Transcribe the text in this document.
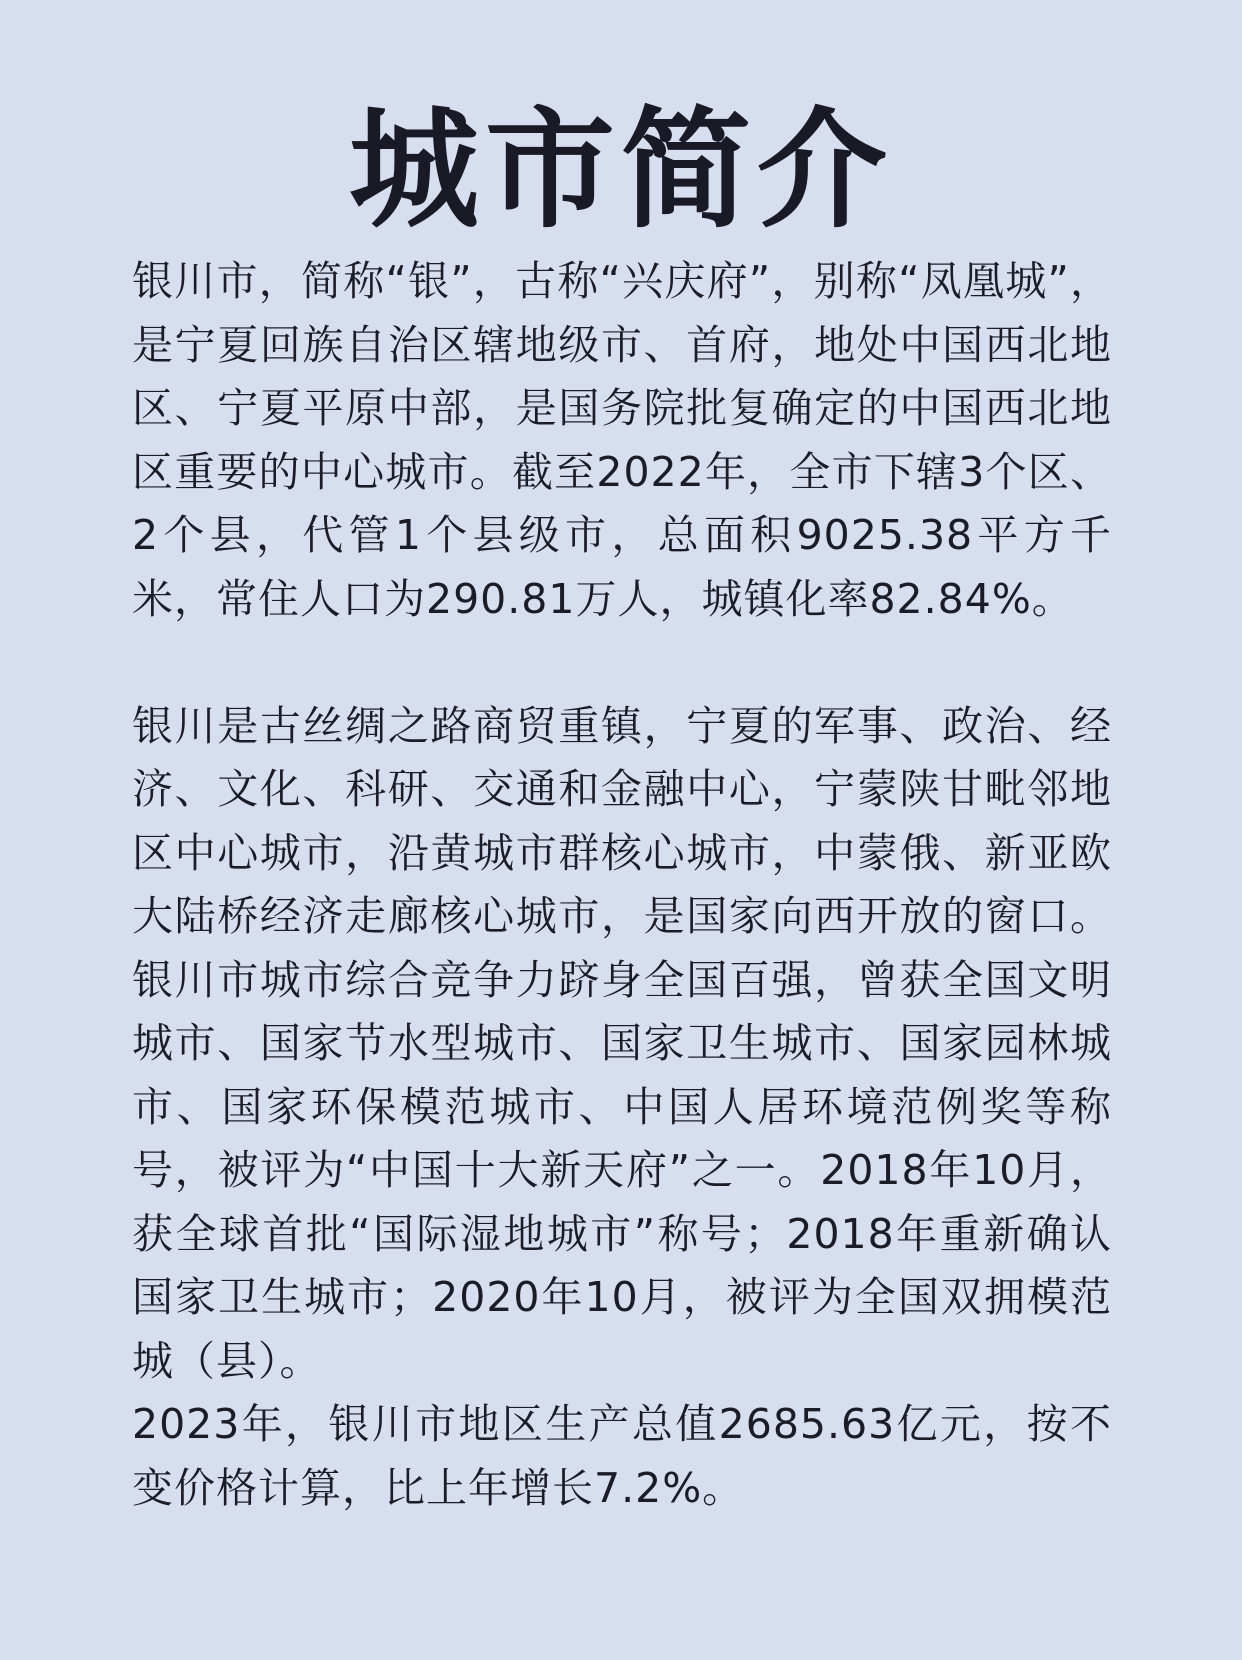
城市简介

银川市，简称“银”，古称“兴庆府”，别称“凤凰城”，是宁夏回族自治区辖地级市、首府，地处中国西北地区、宁夏平原中部，是国务院批复确定的中国西北地区重要的中心城市。截至2022年，全市下辖3个区、2个县，代管1个县级市，总面积9025.38平方千米，常住人口为290.81万人，城镇化率82.84%。

银川是古丝绸之路商贸重镇，宁夏的军事、政治、经济、文化、科研、交通和金融中心，宁蒙陕甘毗邻地区中心城市，沿黄城市群核心城市，中蒙俄、新亚欧大陆桥经济走廊核心城市，是国家向西开放的窗口。银川市城市综合竞争力跻身全国百强，曾获全国文明城市、国家节水型城市、国家卫生城市、国家园林城市、国家环保模范城市、中国人居环境范例奖等称号，被评为“中国十大新天府”之一。2018年10月，获全球首批“国际湿地城市”称号；2018年重新确认国家卫生城市；2020年10月，被评为全国双拥模范城（县）。

2023年，银川市地区生产总值2685.63亿元，按不变价格计算，比上年增长7.2%。
